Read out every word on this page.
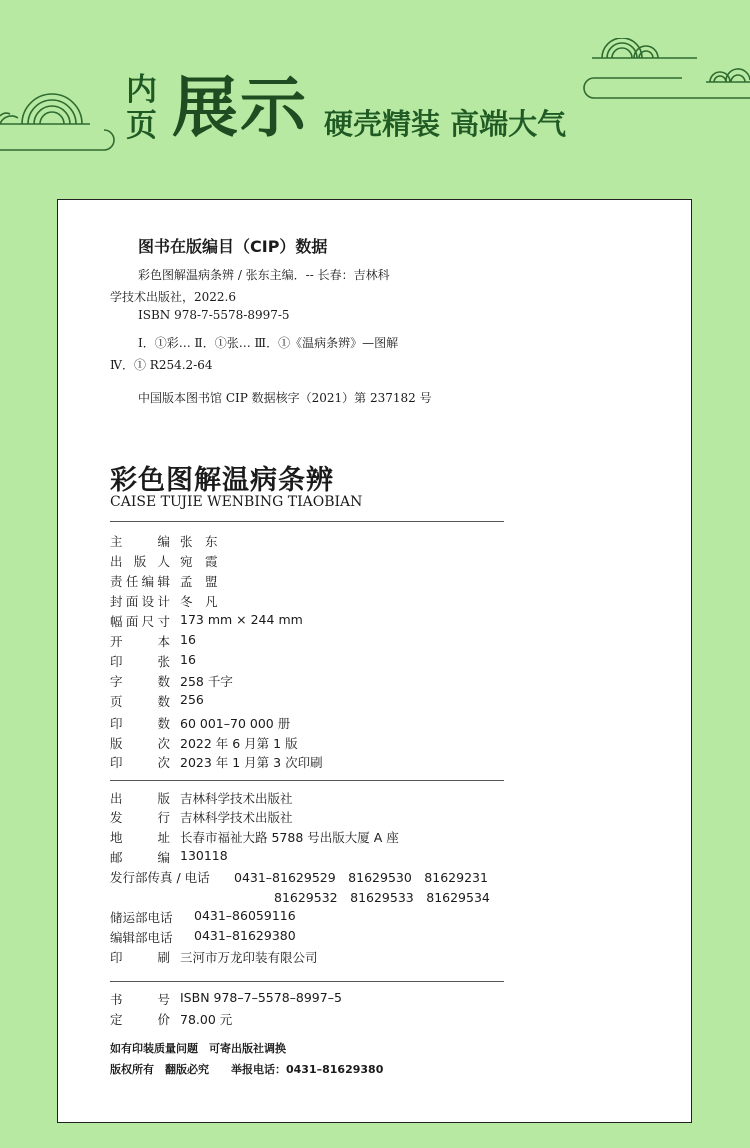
内
页 展示 硬壳精装 高端大气
图书在版编目（CIP）数据
彩色图解温病条辨 / 张东主编．-- 长春：吉林科
学技术出版社，2022.6
ISBN 978-7-5578-8997-5
Ⅰ．①彩… Ⅱ．①张… Ⅲ．①《温病条辨》—图解
Ⅳ．① R254.2-64
中国版本图书馆 CIP 数据核字（2021）第 237182 号
彩色图解温病条辨
CAISE TUJIE WENBING TIAOBIAN
主　　编 张　东
出 版 人 宛　霞
责任编辑 孟　盟
封面设计 冬　凡
幅面尺寸 173 mm × 244 mm
开　　本 16
印　　张 16
字　　数 258 千字
页　　数 256
印　　数 60 001–70 000 册
版　　次 2022 年 6 月第 1 版
印　　次 2023 年 1 月第 3 次印刷
出　　版 吉林科学技术出版社
发　　行 吉林科学技术出版社
地　　址 长春市福祉大路 5788 号出版大厦 A 座
邮　　编 130118
发行部传真 / 电话 0431–81629529　81629530　81629231
81629532　81629533　81629534
储运部电话 0431–86059116
编辑部电话 0431–81629380
印　　刷 三河市万龙印装有限公司
书　　号 ISBN 978–7–5578–8997–5
定　　价 78.00 元
如有印装质量问题　可寄出版社调换
版权所有　翻版必究　　举报电话：0431–81629380
